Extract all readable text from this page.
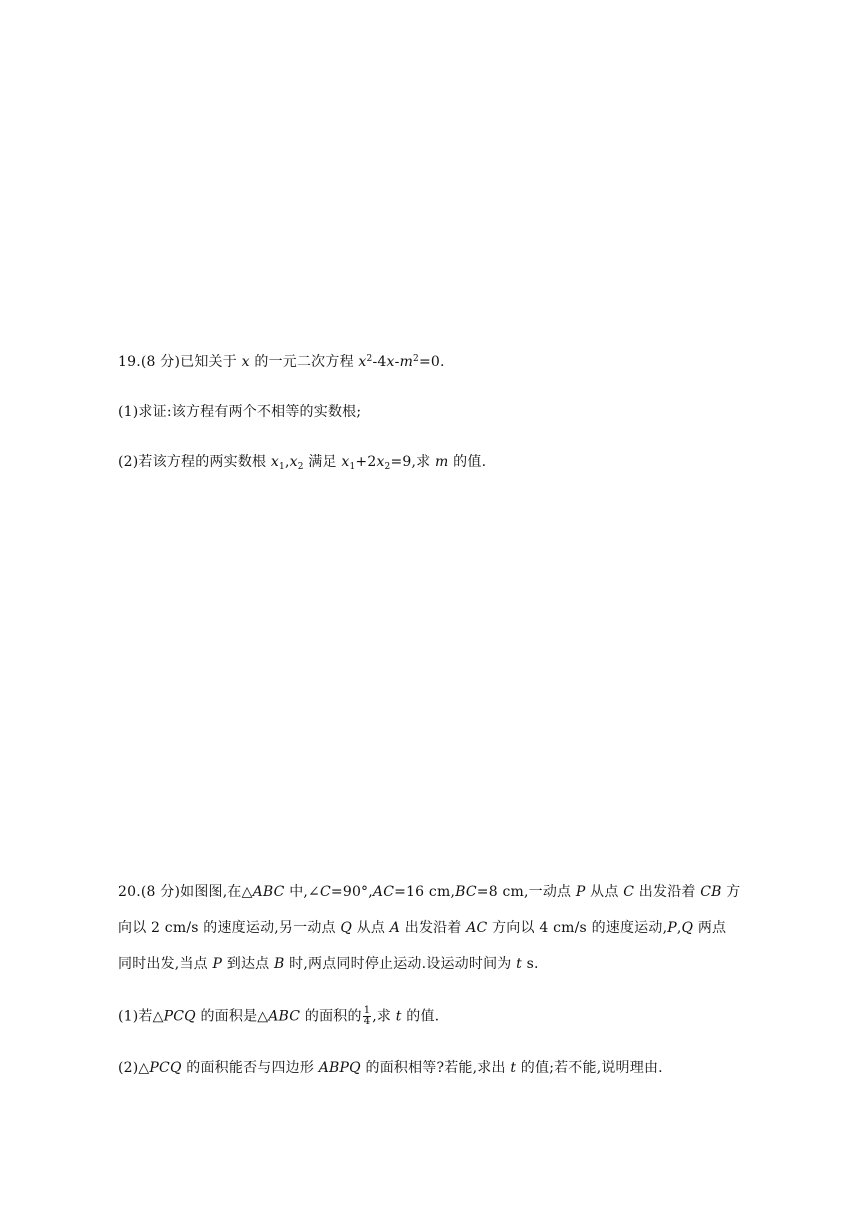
19.(8 分)已知关于 x 的一元二次方程 $x^2-4x-m^2=0$.
(1)求证:该方程有两个不相等的实数根;
(2)若该方程的两实数根 $x_1,x_2$ 满足 $x_1+2x_2=9$,求 m 的值.
20.(8 分)如图图,在△ABC 中,∠C=90°,AC=16 cm,BC=8 cm,一动点 P 从点 C 出发沿着 CB 方
向以 2 cm/s 的速度运动,另一动点 Q 从点 A 出发沿着 AC 方向以 4 cm/s 的速度运动,P,Q 两点
同时出发,当点 P 到达点 B 时,两点同时停止运动.设运动时间为 t s.
(1)若△PCQ 的面积是△ABC 的面积的 $\frac{1}{4}$ ,求 t 的值.
(2)△PCQ 的面积能否与四边形 ABPQ 的面积相等?若能,求出 t 的值;若不能,说明理由.
